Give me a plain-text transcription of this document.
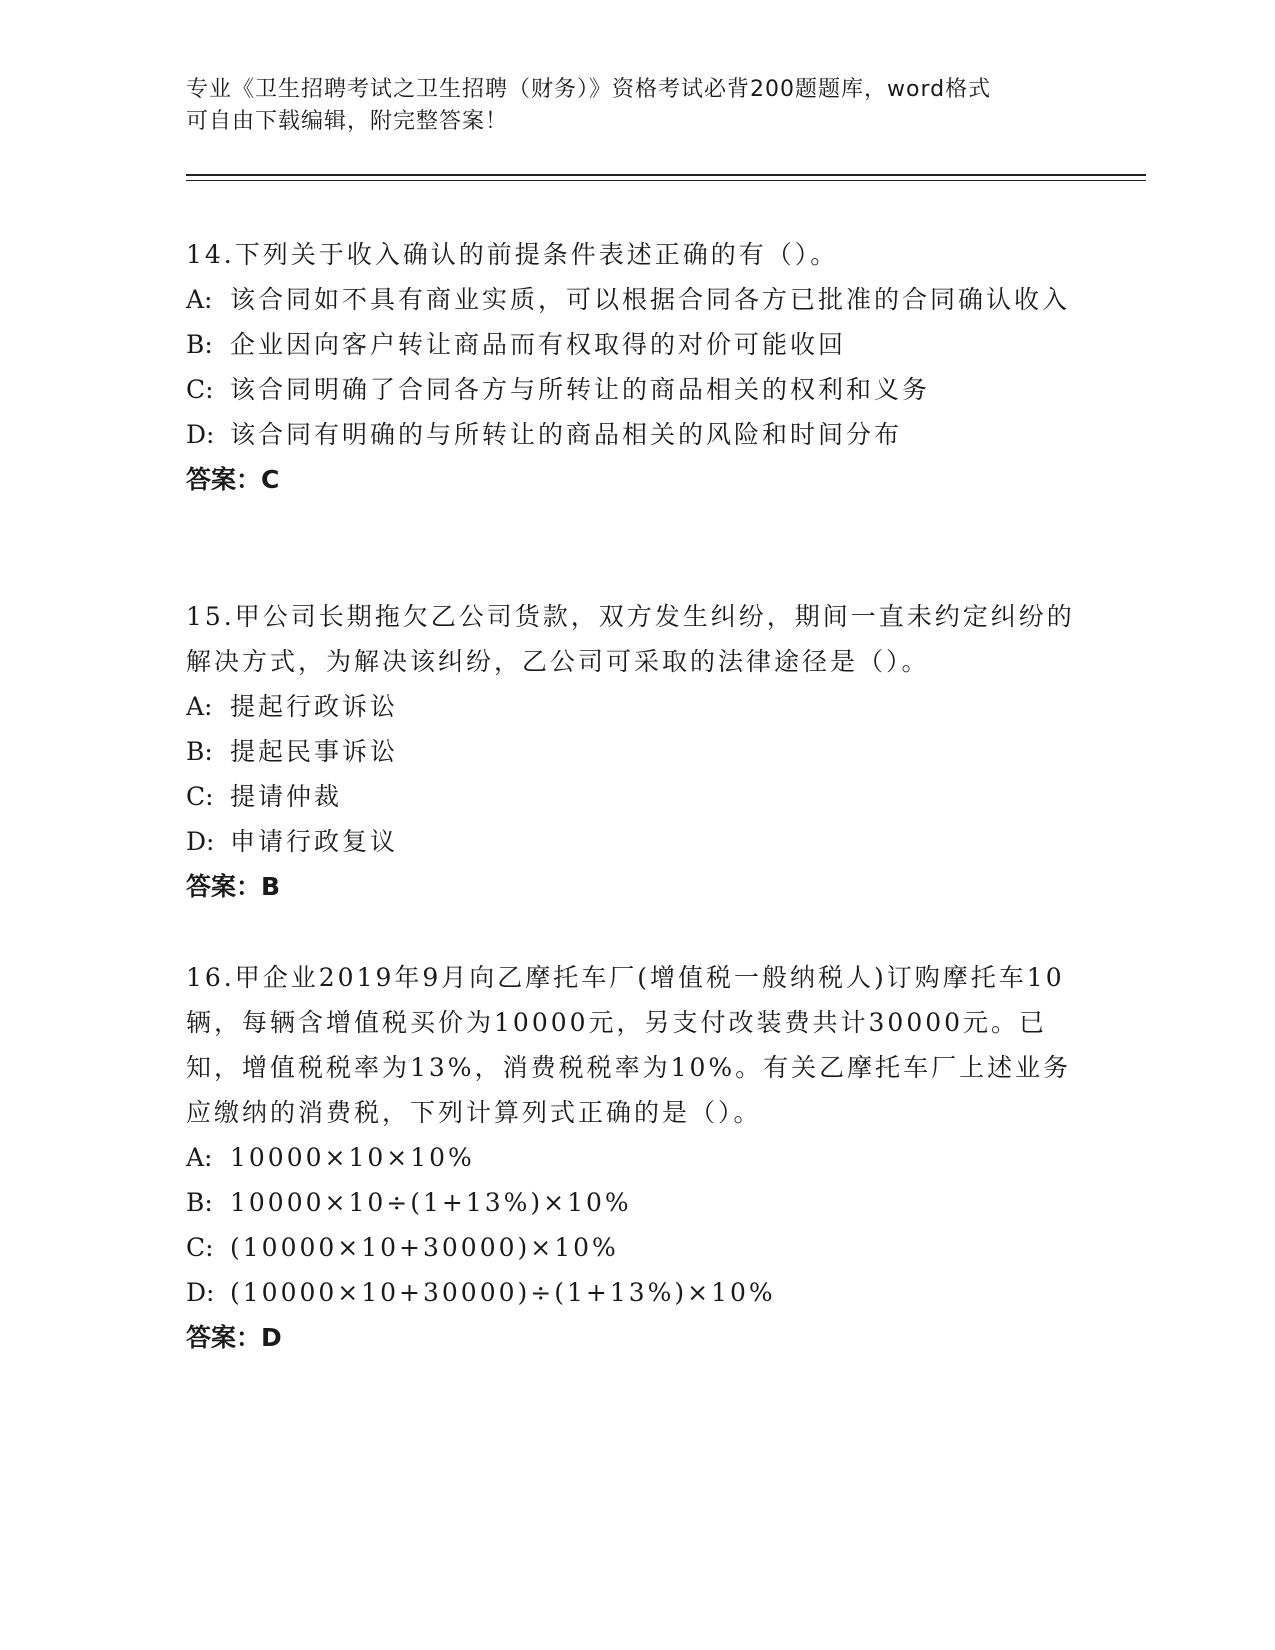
专业《卫生招聘考试之卫生招聘（财务）》资格考试必背200题题库，word格式
可自由下载编辑，附完整答案！

14.下列关于收入确认的前提条件表述正确的有（）。

A: 该合同如不具有商业实质，可以根据合同各方已批准的合同确认收入

B: 企业因向客户转让商品而有权取得的对价可能收回

C: 该合同明确了合同各方与所转让的商品相关的权利和义务

D: 该合同有明确的与所转让的商品相关的风险和时间分布

答案：C

15.甲公司长期拖欠乙公司货款，双方发生纠纷，期间一直未约定纠纷的解决方式，为解决该纠纷，乙公司可采取的法律途径是（）。

A: 提起行政诉讼

B: 提起民事诉讼

C: 提请仲裁

D: 申请行政复议

答案：B

16.甲企业2019年9月向乙摩托车厂(增值税一般纳税人)订购摩托车10辆，每辆含增值税买价为10000元，另支付改装费共计30000元。已知，增值税税率为13%，消费税税率为10%。有关乙摩托车厂上述业务应缴纳的消费税，下列计算列式正确的是（）。

A: 10000×10×10%

B: 10000×10÷(1+13%)×10%

C: (10000×10+30000)×10%

D: (10000×10+30000)÷(1+13%)×10%

答案：D
